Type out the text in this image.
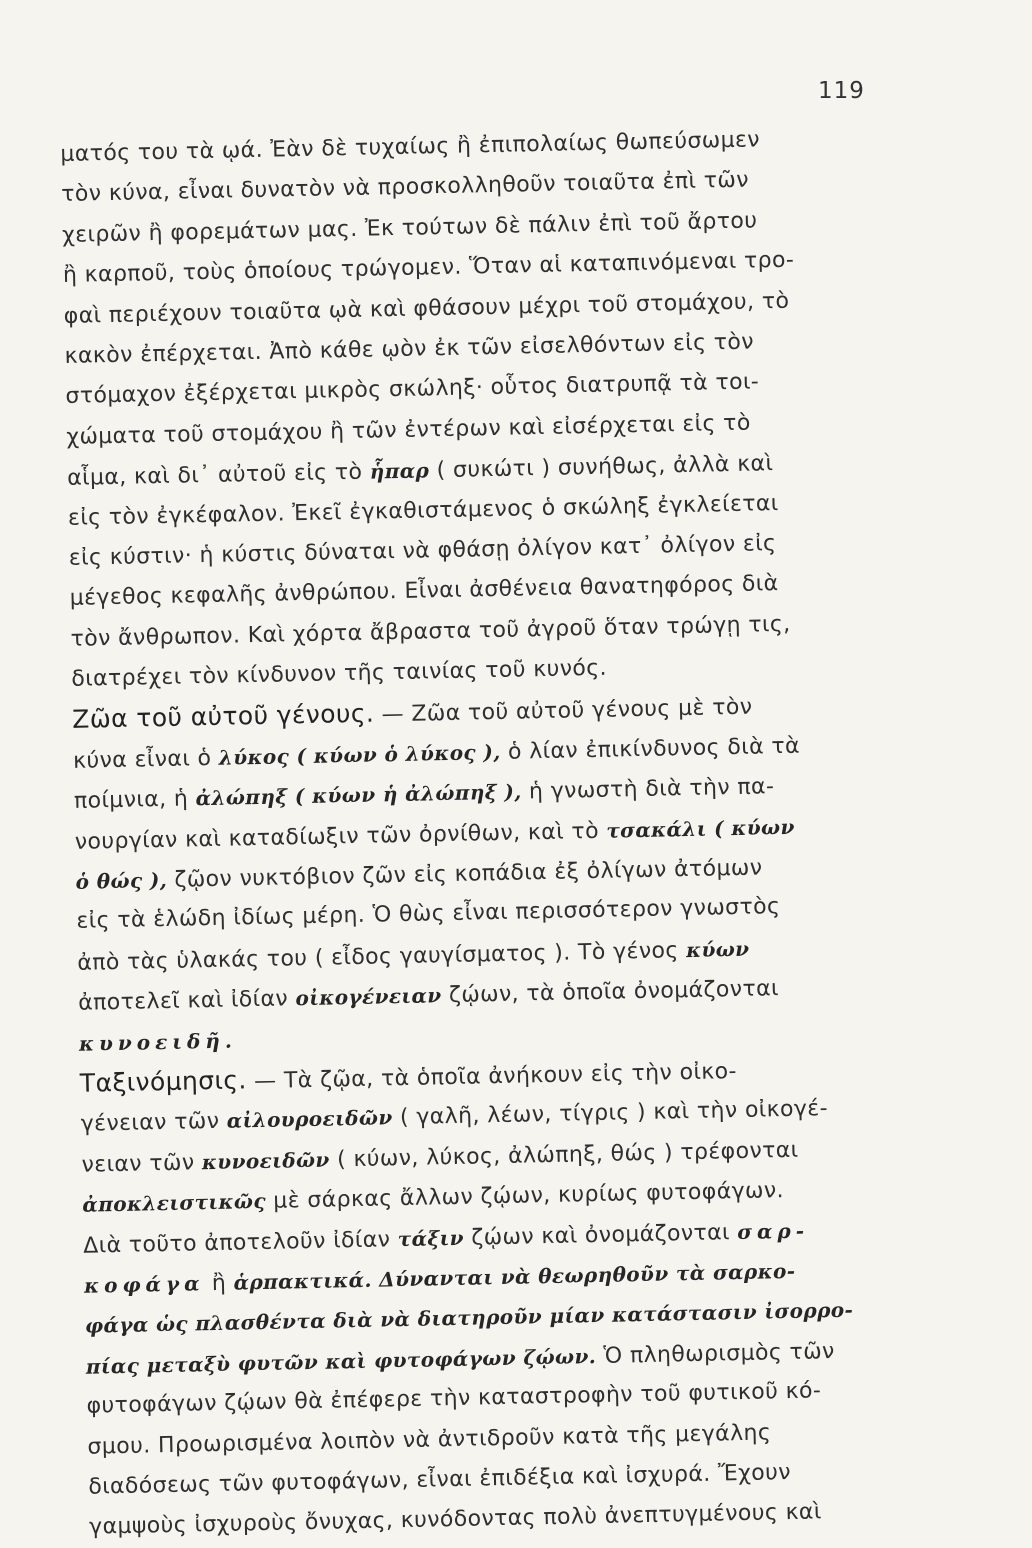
119
ματός του τὰ ῳά. Ἐὰν δὲ τυχαίως ἢ ἐπιπολαίως θωπεύσωμεν
τὸν κύνα, εἶναι δυνατὸν νὰ προσκολληθοῦν τοιαῦτα ἐπὶ τῶν
χειρῶν ἢ φορεμάτων μας. Ἐκ τούτων δὲ πάλιν ἐπὶ τοῦ ἄρτου
ἢ καρποῦ, τοὺς ὁποίους τρώγομεν. Ὅταν αἱ καταπινόμεναι τρο-
φαὶ περιέχουν τοιαῦτα ῳὰ καὶ φθάσουν μέχρι τοῦ στομάχου, τὸ
κακὸν ἐπέρχεται. Ἀπὸ κάθε ῳὸν ἐκ τῶν εἰσελθόντων εἰς τὸν
στόμαχον ἐξέρχεται μικρὸς σκώληξ· οὗτος διατρυπᾷ τὰ τοι-
χώματα τοῦ στομάχου ἢ τῶν ἐντέρων καὶ εἰσέρχεται εἰς τὸ
αἷμα, καὶ δι᾽ αὐτοῦ εἰς τὸ ἧπαρ ( συκώτι ) συνήθως, ἀλλὰ καὶ
εἰς τὸν ἐγκέφαλον. Ἐκεῖ ἐγκαθιστάμενος ὁ σκώληξ ἐγκλείεται
εἰς κύστιν· ἡ κύστις δύναται νὰ φθάσῃ ὀλίγον κατ᾽ ὀλίγον εἰς
μέγεθος κεφαλῆς ἀνθρώπου. Εἶναι ἀσθένεια θανατηφόρος διὰ
τὸν ἄνθρωπον. Καὶ χόρτα ἄβραστα τοῦ ἀγροῦ ὅταν τρώγῃ τις,
διατρέχει τὸν κίνδυνον τῆς ταινίας τοῦ κυνός.
Ζῶα τοῦ αὐτοῦ γένους. — Ζῶα τοῦ αὐτοῦ γένους μὲ τὸν
κύνα εἶναι ὁ λύκος ( κύων ὁ λύκος ), ὁ λίαν ἐπικίνδυνος διὰ τὰ
ποίμνια, ἡ ἀλώπηξ ( κύων ἡ ἀλώπηξ ), ἡ γνωστὴ διὰ τὴν πα-
νουργίαν καὶ καταδίωξιν τῶν ὀρνίθων, καὶ τὸ τσακάλι ( κύων
ὁ θώς ), ζῷον νυκτόβιον ζῶν εἰς κοπάδια ἐξ ὀλίγων ἀτόμων
εἰς τὰ ἑλώδη ἰδίως μέρη. Ὁ θὼς εἶναι περισσότερον γνωστὸς
ἀπὸ τὰς ὑλακάς του ( εἶδος γαυγίσματος ). Τὸ γένος κύων
ἀποτελεῖ καὶ ἰδίαν οἰκογένειαν ζῴων, τὰ ὁποῖα ὀνομάζονται
κυνοειδῆ.
Ταξινόμησις. — Τὰ ζῷα, τὰ ὁποῖα ἀνήκουν εἰς τὴν οἰκο-
γένειαν τῶν αἰλουροειδῶν ( γαλῆ, λέων, τίγρις ) καὶ τὴν οἰκογέ-
νειαν τῶν κυνοειδῶν ( κύων, λύκος, ἀλώπηξ, θώς ) τρέφονται
ἀποκλειστικῶς μὲ σάρκας ἄλλων ζῴων, κυρίως φυτοφάγων.
Διὰ τοῦτο ἀποτελοῦν ἰδίαν τάξιν ζῴων καὶ ὀνομάζονται σαρ-
κοφάγα ἢ ἁρπακτικά. Δύνανται νὰ θεωρηθοῦν τὰ σαρκο-
φάγα ὡς πλασθέντα διὰ νὰ διατηροῦν μίαν κατάστασιν ἰσορρο-
πίας μεταξὺ φυτῶν καὶ φυτοφάγων ζῴων. Ὁ πληθωρισμὸς τῶν
φυτοφάγων ζῴων θὰ ἐπέφερε τὴν καταστροφὴν τοῦ φυτικοῦ κό-
σμου. Προωρισμένα λοιπὸν νὰ ἀντιδροῦν κατὰ τῆς μεγάλης
διαδόσεως τῶν φυτοφάγων, εἶναι ἐπιδέξια καὶ ἰσχυρά. Ἔχουν
γαμψοὺς ἰσχυροὺς ὄνυχας, κυνόδοντας πολὺ ἀνεπτυγμένους καὶ
